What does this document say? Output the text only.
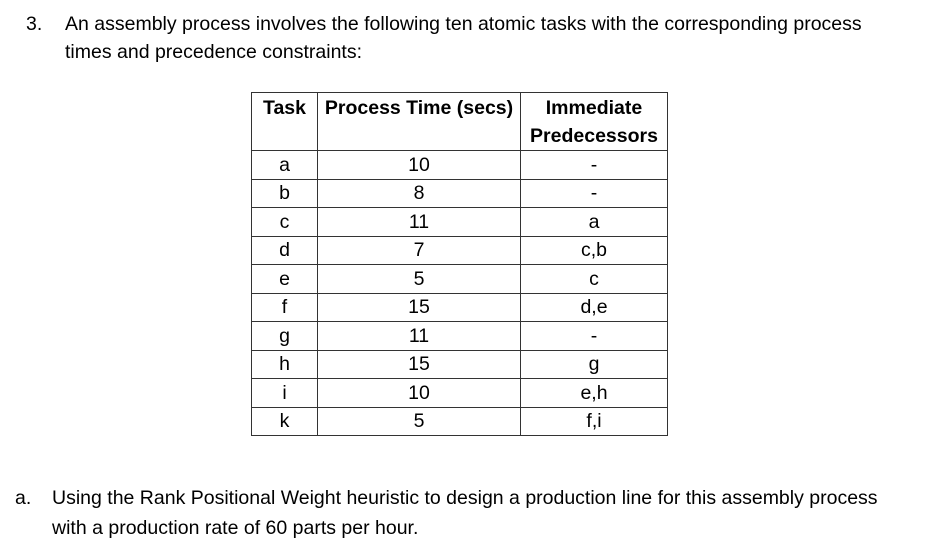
3. An assembly process involves the following ten atomic tasks with the corresponding process
times and precedence constraints:
Task	Process Time (secs)	Immediate
Predecessors
a	10	-
b	8	-
c	11	a
d	7	c,b
e	5	c
f	15	d,e
g	11	-
h	15	g
i	10	e,h
k	5	f,i
a. Using the Rank Positional Weight heuristic to design a production line for this assembly process
with a production rate of 60 parts per hour.
